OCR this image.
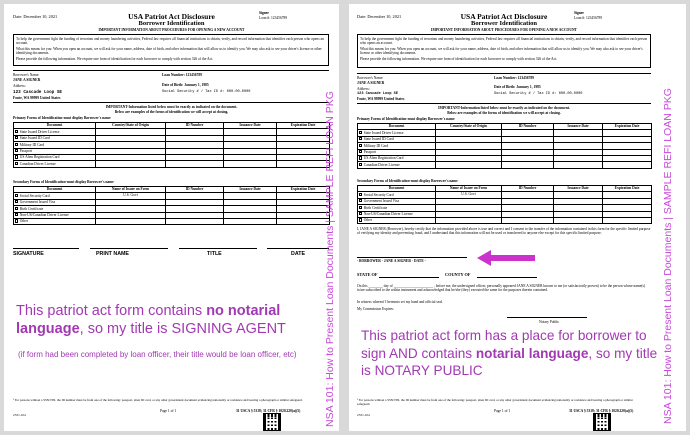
Date: December 10, 2021
Signer
Loan #: 123456789
USA Patriot Act Disclosure
Borrower Identification
IMPORTANT INFORMATION ABOUT PROCEDURES FOR OPENING A NEW ACCOUNT
To help the government fight the funding of terrorism and money laundering activities, Federal law requires all financial institutions to obtain, verify, and record information that identifies each person who opens an account.
What this means for you: When you open an account, we will ask for your name, address, date of birth, and other information that will allow us to identify you. We may also ask to see your driver's license or other identifying documents.
Please provide the following information. We require one form of identification for each borrower to comply with section 326 of the Act.
Borrower's Name:
JANE A SIGNER
Address:
123 Cascade Loop SE
Fonte, WA 99999 United States
Loan Number: 123456789
Date of Birth: January 1, 1985
Social Security # / Tax ID #: 000-00-0000
IMPORTANT-Information listed below must be exactly as indicated on the document.
Below are examples of the forms of identification we will accept at closing.
Primary Forms of Identification-must display Borrower's name
Document	Country/State of Origin	ID Number	Issuance Date	Expiration Date
State Issued Driver License				
State Issued ID Card				
Military ID Card				
Passport				
US Alien Registration Card				
Canadian Driver License				
Secondary Forms of Identification-must display Borrower's name
Document	Name of Issuer on Form	ID Number	Issuance Date	Expiration Date
Social Security Card	U.S. Govt			
Government Issued Visa				
Birth Certificate				
Non-US/Canadian Driver License				
Other				
SIGNATURE	PRINT NAME	TITLE	DATE
This patriot act form contains no notarial language, so my title is SIGNING AGENT
(if form had been completed by loan officer, their title would be loan officer, etc)
¹ For persons without a SSN/TIN, the ID number must be from one of the following: passport, alien ID card, or any other government document evidencing nationality or residence and bearing a photograph or similar safeguard.
2531.104
Page 1 of 1	31 USCA § 5318; 31 CFR § 1020.220(a)(5)
Date: December 10, 2021
Signer
Loan #: 123456789
USA Patriot Act Disclosure
Borrower Identification
IMPORTANT INFORMATION ABOUT PROCEDURES FOR OPENING A NEW ACCOUNT
To help the government fight the funding of terrorism and money laundering activities, Federal law requires all financial institutions to obtain, verify, and record information that identifies each person who opens an account.
What this means for you: When you open an account, we will ask for your name, address, date of birth, and other information that will allow us to identify you. We may also ask to see your driver's license or other identifying documents.
Please provide the following information. We require one form of identification for each borrower to comply with section 326 of the Act.
Borrower's Name:
JANE A SIGNER
Address:
123 Cascade Loop SE
Fonte, WA 99999 United States
Loan Number: 123456789
Date of Birth: January 1, 1985
Social Security # / Tax ID #: 000-00-0000
IMPORTANT-Information listed below must be exactly as indicated on the document.
Below are examples of the forms of identification we will accept at closing.
Primary Forms of Identification-must display Borrower's name
Document	Country/State of Origin	ID Number	Issuance Date	Expiration Date
State Issued Driver License				
State Issued ID Card				
Military ID Card				
Passport				
US Alien Registration Card				
Canadian Driver License				
Secondary Forms of Identification-must display Borrower's name
Document	Name of Issuer on Form	ID Number	Issuance Date	Expiration Date
Social Security Card	U.S. Govt			
Government Issued Visa				
Birth Certificate				
Non-US/Canadian Driver License				
Other				
I, JANE A SIGNER (Borrower), hereby certify that the information provided above is true and correct and I consent to the transfer of the information contained in this form for the specific limited purpose of verifying my identity and preventing fraud, and I understand that this information will not be used or transferred to anyone else except for this specific limited purpose.
- BORROWER - JANE A SIGNER - DATE -
STATE OF	COUNTY OF
On this ________ day of ______________________ , before me, the undersigned officer, personally appeared JANE A SIGNER known to me (or satisfactorily proven) to be the person whose name(s) is/are subscribed to the within instrument and acknowledged that he/she (they) executed the same for the purposes therein contained.
In witness whereof I hereunto set my hand and official seal.
My Commission Expires:
Notary Public
This patriot act form has a place for borrower to sign AND contains notarial language, so my title is NOTARY PUBLIC
¹ For persons without a SSN/TIN, the ID number must be from one of the following: passport, alien ID card, or any other government document evidencing nationality or residence and bearing a photograph or similar safeguard.
2531.104
Page 1 of 1	31 USCA § 5318; 31 CFR § 1020.220(a)(5)	NSA 101: How to Present Loan Documents | SAMPLE REFI LOAN PKG
NSA 101: How to Present Loan Documents | SAMPLE REFI LOAN PKG
